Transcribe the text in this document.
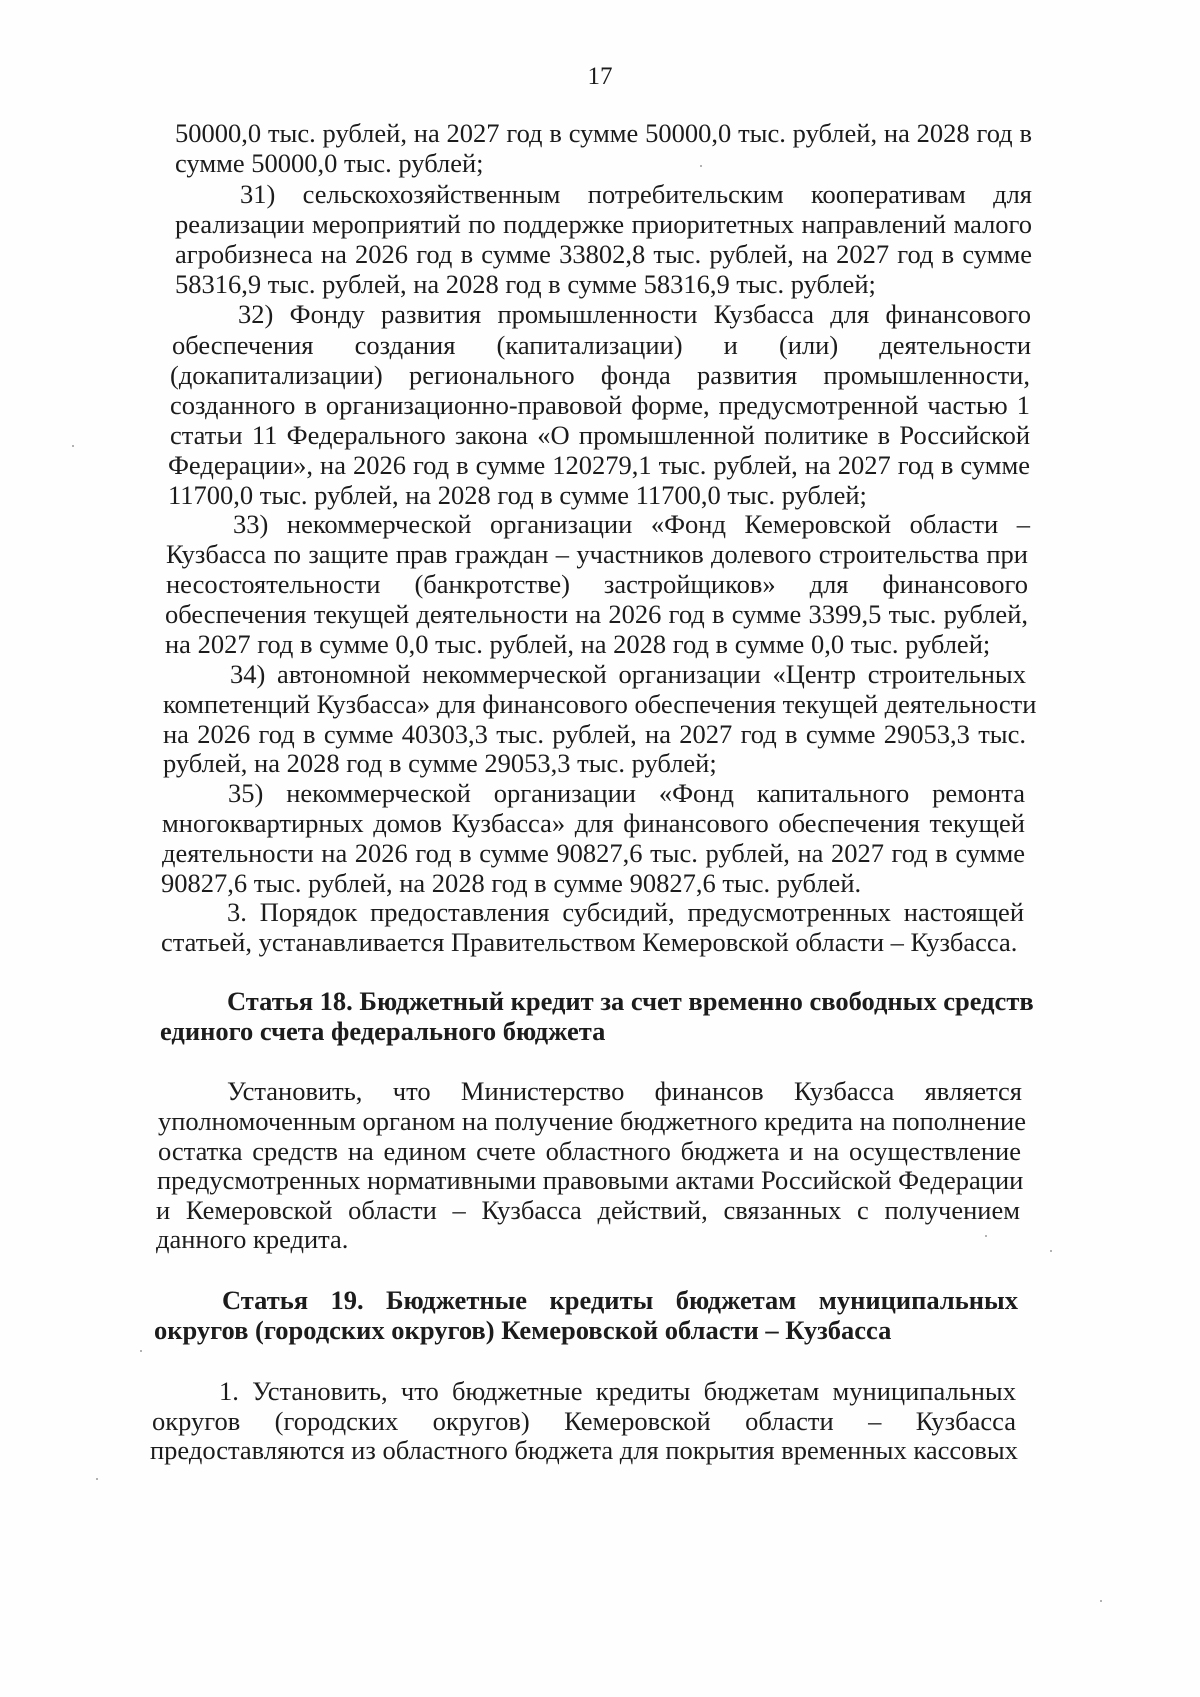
17
50000,0 тыс. рублей, на 2027 год в сумме 50000,0 тыс. рублей, на 2028 год в
сумме 50000,0 тыс. рублей;
31) сельскохозяйственным потребительским кооперативам для
реализации мероприятий по поддержке приоритетных направлений малого
агробизнеса на 2026 год в сумме 33802,8 тыс. рублей, на 2027 год в сумме
58316,9 тыс. рублей, на 2028 год в сумме 58316,9 тыс. рублей;
32) Фонду развития промышленности Кузбасса для финансового
обеспечения создания (капитализации) и (или) деятельности
(докапитализации) регионального фонда развития промышленности,
созданного в организационно-правовой форме, предусмотренной частью 1
статьи 11 Федерального закона «О промышленной политике в Российской
Федерации», на 2026 год в сумме 120279,1 тыс. рублей, на 2027 год в сумме
11700,0 тыс. рублей, на 2028 год в сумме 11700,0 тыс. рублей;
33) некоммерческой организации «Фонд Кемеровской области –
Кузбасса по защите прав граждан – участников долевого строительства при
несостоятельности (банкротстве) застройщиков» для финансового
обеспечения текущей деятельности на 2026 год в сумме 3399,5 тыс. рублей,
на 2027 год в сумме 0,0 тыс. рублей, на 2028 год в сумме 0,0 тыс. рублей;
34) автономной некоммерческой организации «Центр строительных
компетенций Кузбасса» для финансового обеспечения текущей деятельности
на 2026 год в сумме 40303,3 тыс. рублей, на 2027 год в сумме 29053,3 тыс.
рублей, на 2028 год в сумме 29053,3 тыс. рублей;
35) некоммерческой организации «Фонд капитального ремонта
многоквартирных домов Кузбасса» для финансового обеспечения текущей
деятельности на 2026 год в сумме 90827,6 тыс. рублей, на 2027 год в сумме
90827,6 тыс. рублей, на 2028 год в сумме 90827,6 тыс. рублей.
3. Порядок предоставления субсидий, предусмотренных настоящей
статьей, устанавливается Правительством Кемеровской области – Кузбасса.
Статья 18. Бюджетный кредит за счет временно свободных средств
единого счета федерального бюджета
Установить, что Министерство финансов Кузбасса является
уполномоченным органом на получение бюджетного кредита на пополнение
остатка средств на едином счете областного бюджета и на осуществление
предусмотренных нормативными правовыми актами Российской Федерации
и Кемеровской области – Кузбасса действий, связанных с получением
данного кредита.
Статья 19. Бюджетные кредиты бюджетам муниципальных
округов (городских округов) Кемеровской области – Кузбасса
1. Установить, что бюджетные кредиты бюджетам муниципальных
округов (городских округов) Кемеровской области – Кузбасса
предоставляются из областного бюджета для покрытия временных кассовых
